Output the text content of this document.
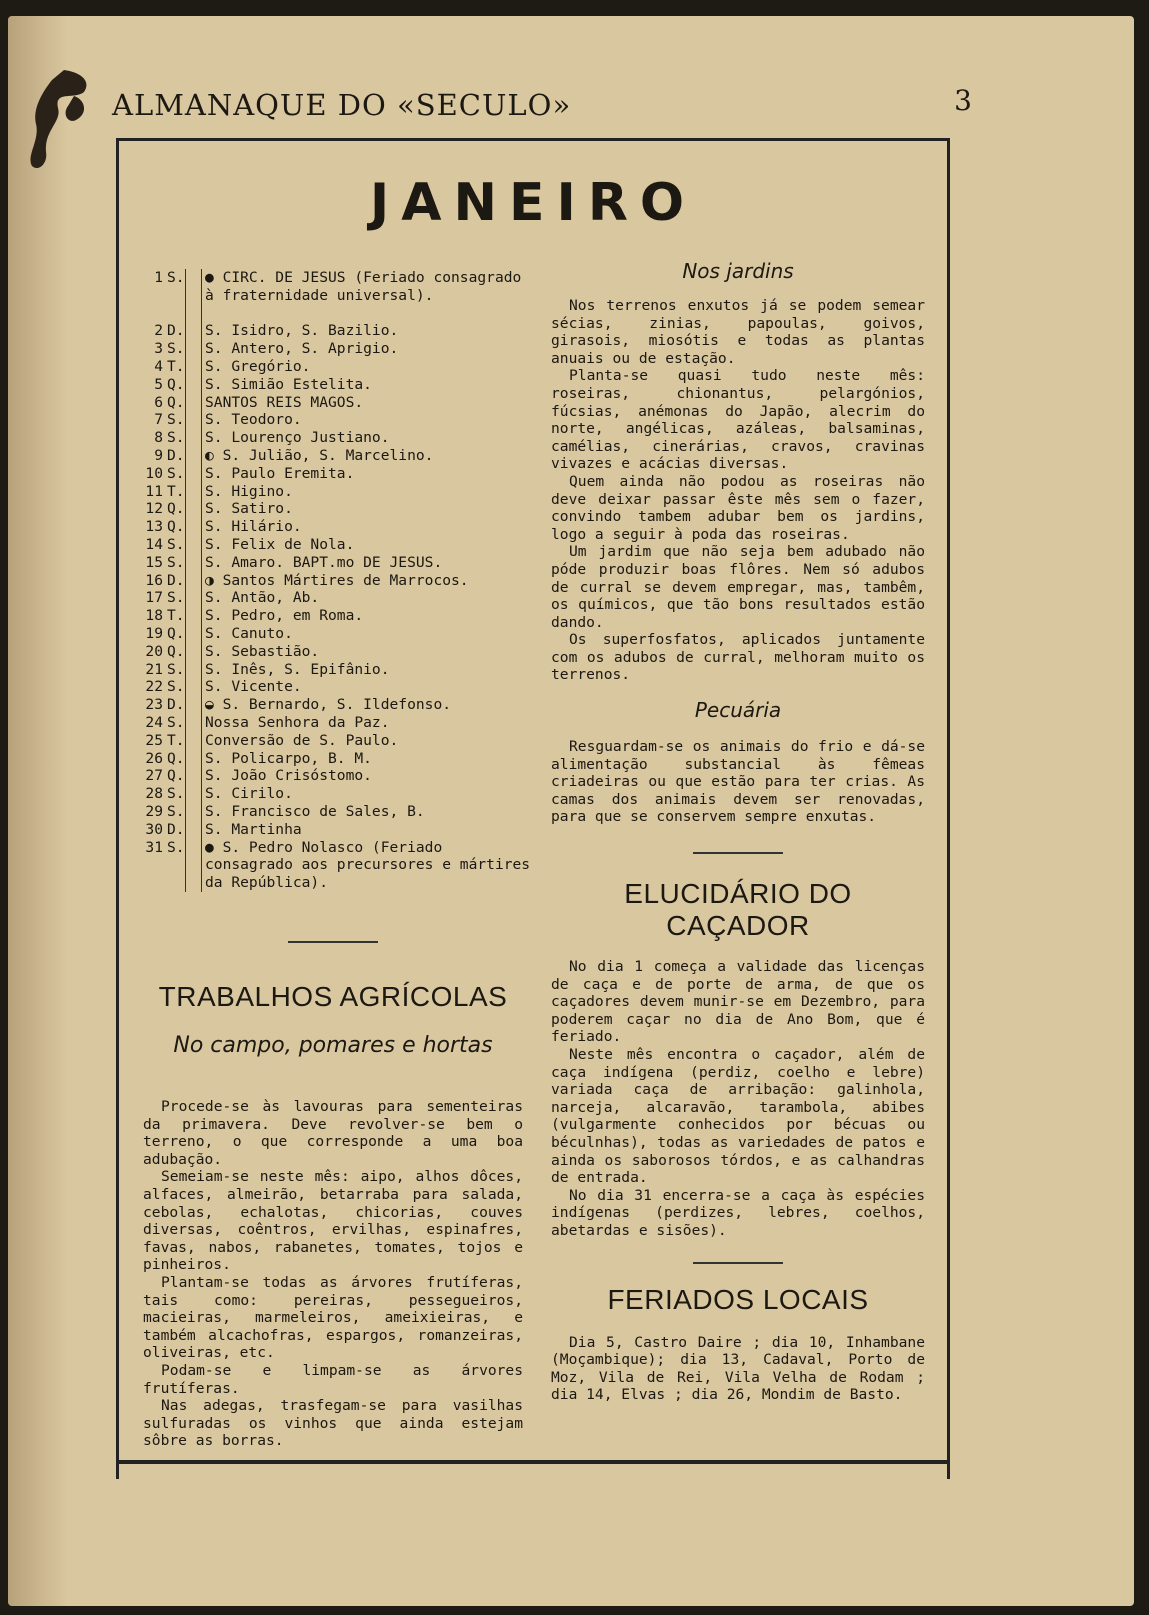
ALMANAQUE DO «SECULO»	3
JANEIRO
1 S.	● CIRC. DE JESUS (Feriado consagrado à fraternidade universal).
2 D.	S. Isidro, S. Bazilio.
3 S.	S. Antero, S. Aprigio.
4 T.	S. Gregório.
5 Q.	S. Simião Estelita.
6 Q.	SANTOS REIS MAGOS.
7 S.	S. Teodoro.
8 S.	S. Lourenço Justiano.
9 D.	◐ S. Julião, S. Marcelino.
10 S.	S. Paulo Eremita.
11 T.	S. Higino.
12 Q.	S. Satiro.
13 Q.	S. Hilário.
14 S.	S. Felix de Nola.
15 S.	S. Amaro. BAPT.mo DE JESUS.
16 D.	◑ Santos Mártires de Marrocos.
17 S.	S. Antão, Ab.
18 T.	S. Pedro, em Roma.
19 Q.	S. Canuto.
20 Q.	S. Sebastião.
21 S.	S. Inês, S. Epifânio.
22 S.	S. Vicente.
23 D.	◒ S. Bernardo, S. Ildefonso.
24 S.	Nossa Senhora da Paz.
25 T.	Conversão de S. Paulo.
26 Q.	S. Policarpo, B. M.
27 Q.	S. João Crisóstomo.
28 S.	S. Cirilo.
29 S.	S. Francisco de Sales, B.
30 D.	S. Martinha
31 S.	● S. Pedro Nolasco (Feriado consagrado aos precursores e mártires da República).
Nos jardins

Nos terrenos enxutos já se podem semear sécias, zinias, papoulas, goivos, girasois, miosótis e todas as plantas anuais ou de estação.

Planta-se quasi tudo neste mês: roseiras, chionantus, pelargónios, fúcsias, anémonas do Japão, alecrim do norte, angélicas, azáleas, balsaminas, camélias, cinerárias, cravos, cravinas vivazes e acácias diversas.

Quem ainda não podou as roseiras não deve deixar passar êste mês sem o fazer, convindo tambem adubar bem os jardins, logo a seguir à poda das roseiras.

Um jardim que não seja bem adubado não póde produzir boas flôres. Nem só adubos de curral se devem empregar, mas, tambêm, os químicos, que tão bons resultados estão dando.

Os superfosfatos, aplicados juntamente com os adubos de curral, melhoram muito os terrenos.

Pecuária

Resguardam-se os animais do frio e dá-se alimentação substancial às fêmeas criadeiras ou que estão para ter crias. As camas dos animais devem ser renovadas, para que se conservem sempre enxutas.

ELUCIDÁRIO DO CAÇADOR

No dia 1 começa a validade das licenças de caça e de porte de arma, de que os caçadores devem munir-se em Dezembro, para poderem caçar no dia de Ano Bom, que é feriado.

Neste mês encontra o caçador, além de caça indígena (perdiz, coelho e lebre) variada caça de arribação: galinhola, narceja, alcaravão, tarambola, abibes (vulgarmente conhecidos por bécuas ou béculnhas), todas as variedades de patos e ainda os saborosos tórdos, e as calhandras de entrada.

No dia 31 encerra-se a caça às espécies indígenas (perdizes, lebres, coelhos, abetardas e sisões).

FERIADOS LOCAIS

Dia 5, Castro Daire ; dia 10, Inhambane (Moçambique); dia 13, Cadaval, Porto de Moz, Vila de Rei, Vila Velha de Rodam ; dia 14, Elvas ; dia 26, Mondim de Basto.

TRABALHOS AGRÍCOLAS
No campo, pomares e hortas

Procede-se às lavouras para sementeiras da primavera. Deve revolver-se bem o terreno, o que corresponde a uma boa adubação.

Semeiam-se neste mês: aipo, alhos dôces, alfaces, almeirão, betarraba para salada, cebolas, echalotas, chicorias, couves diversas, coêntros, ervilhas, espinafres, favas, nabos, rabanetes, tomates, tojos e pinheiros.

Plantam-se todas as árvores frutíferas, tais como: pereiras, pessegueiros, macieiras, marmeleiros, ameixieiras, e também alcachofras, espargos, romanzeiras, oliveiras, etc.

Podam-se e limpam-se as árvores frutíferas.

Nas adegas, trasfegam-se para vasilhas sulfuradas os vinhos que ainda estejam sôbre as borras.
